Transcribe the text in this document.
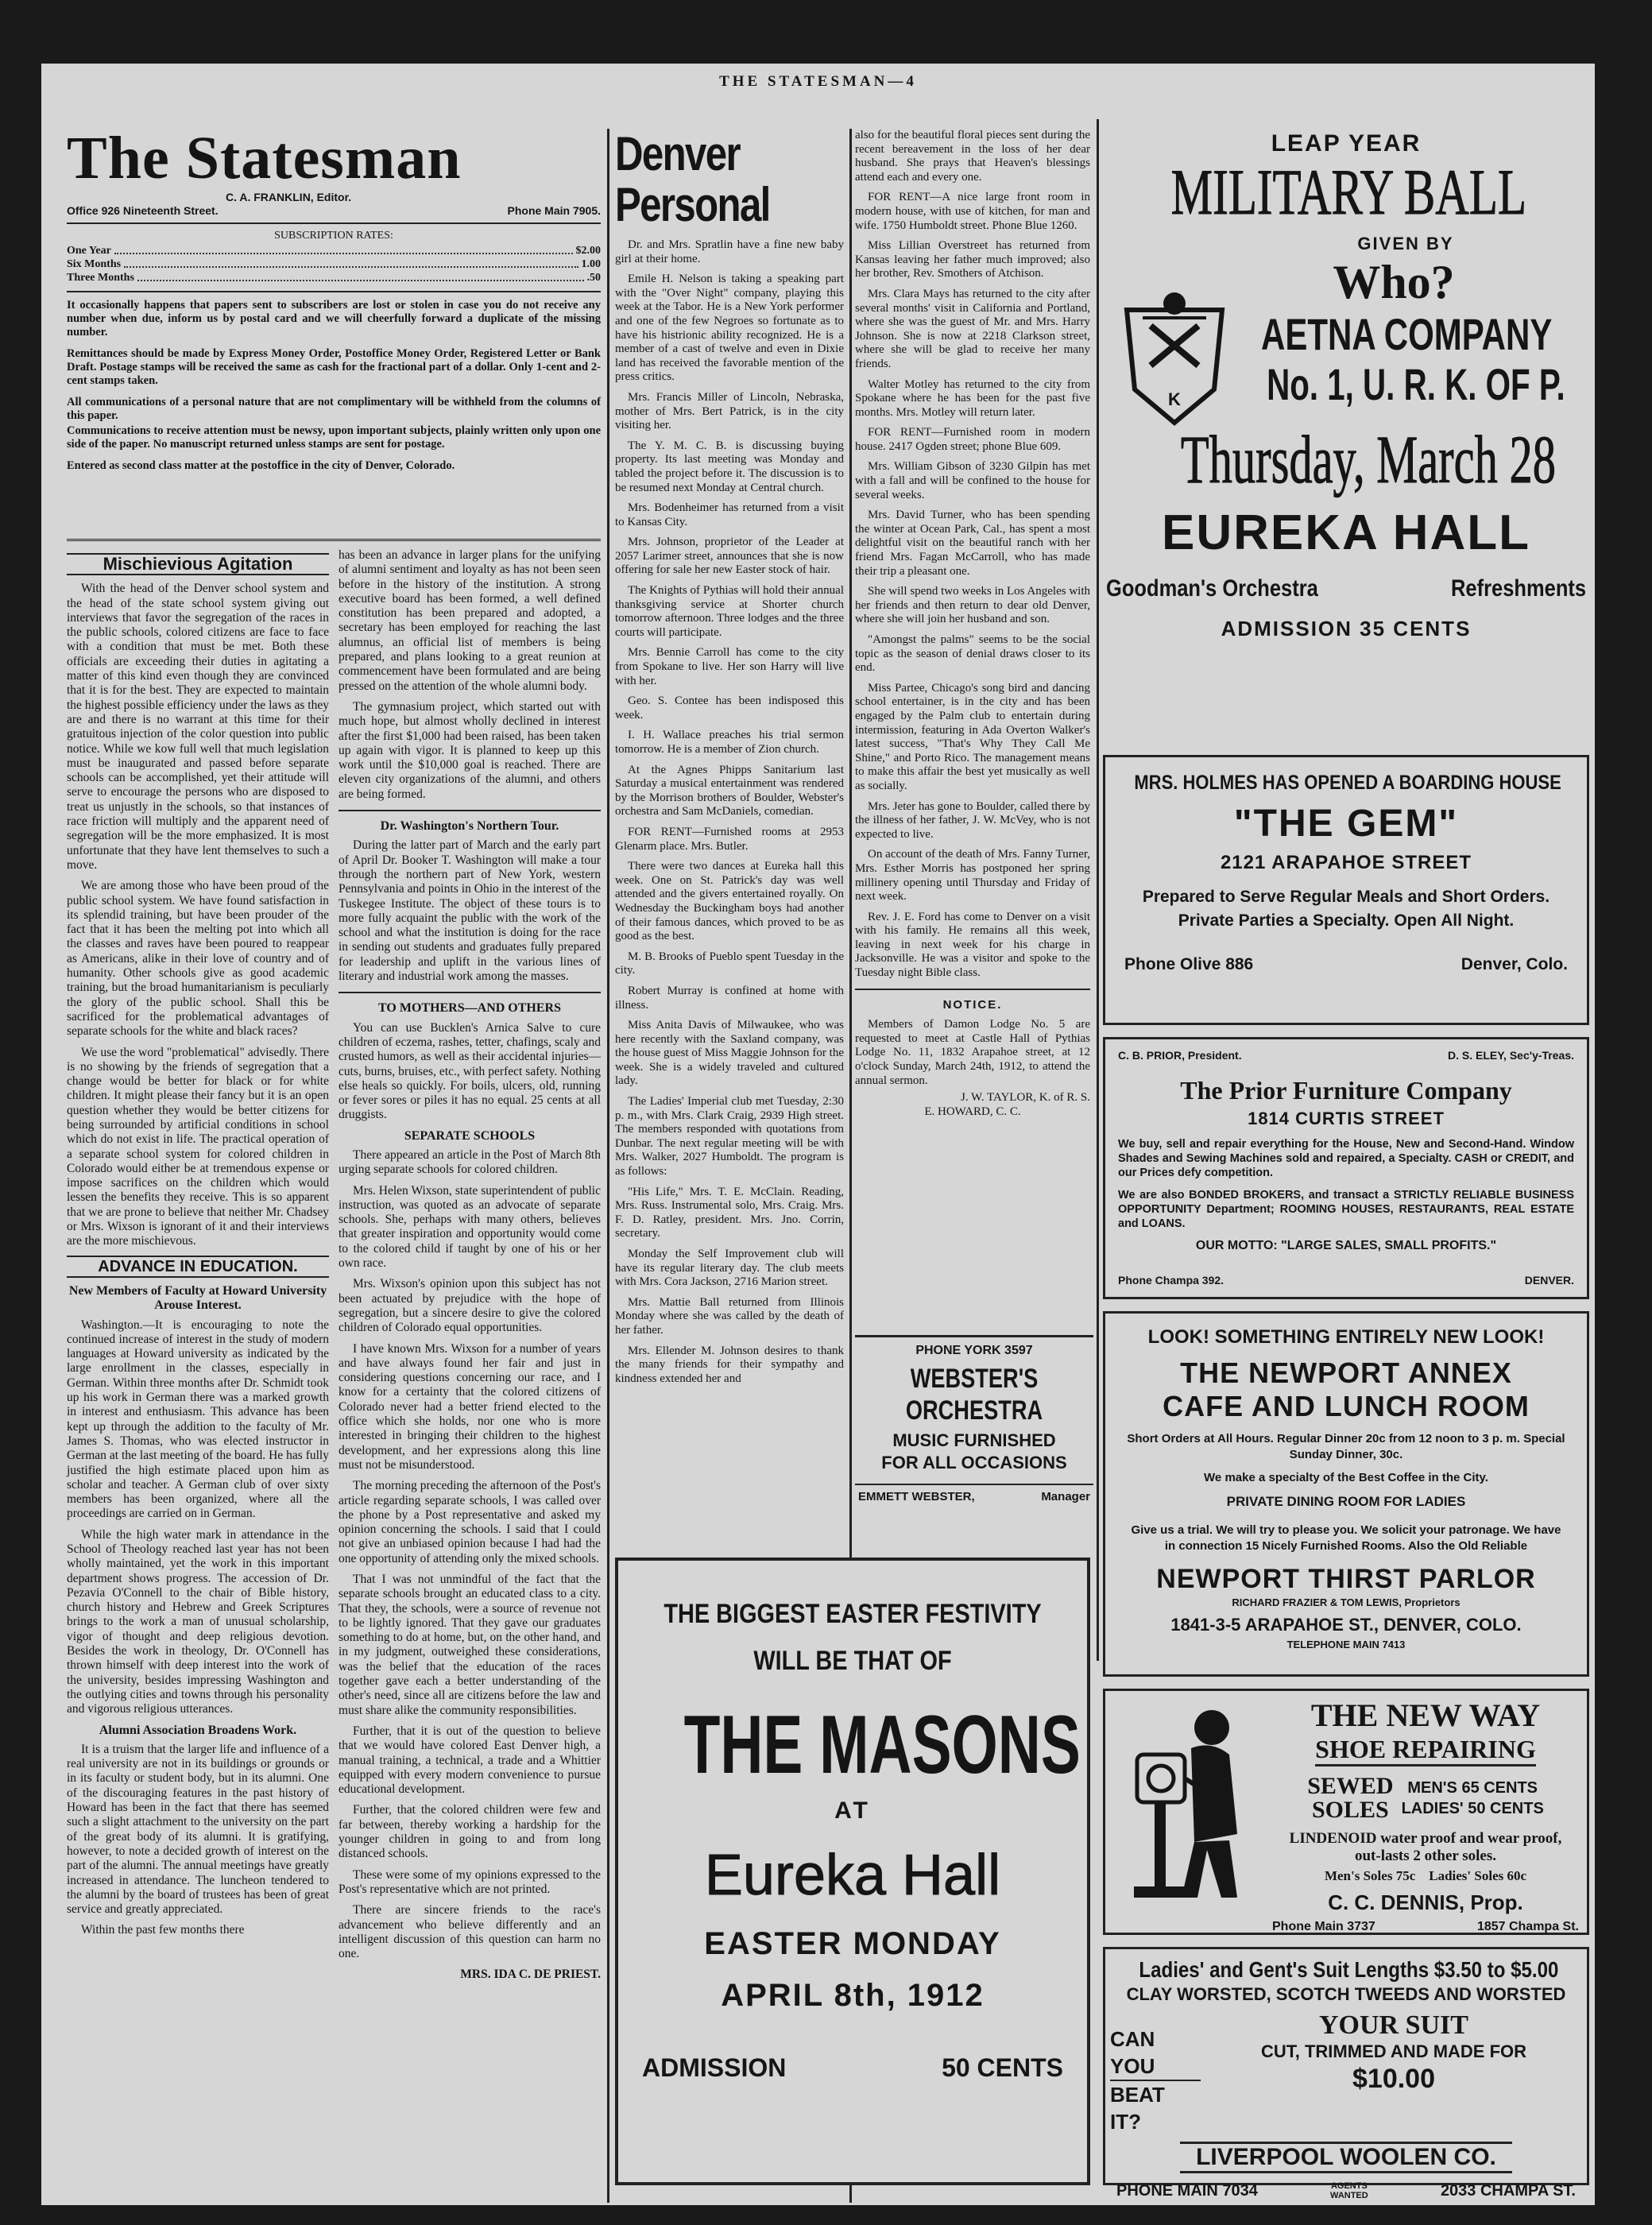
THE STATESMAN—4
The Statesman
C. A. FRANKLIN, Editor.
Office 926 Nineteenth Street.	Phone Main 7905.
SUBSCRIPTION RATES:
One Year	$2.00
Six Months	1.00
Three Months	.50

It occasionally happens that papers sent to subscribers are lost or stolen in case you do not receive any number when due, inform us by postal card and we will cheerfully forward a duplicate of the missing number.

Remittances should be made by Express Money Order, Postoffice Money Order, Registered Letter or Bank Draft. Postage stamps will be received the same as cash for the fractional part of a dollar. Only 1-cent and 2-cent stamps taken.

All communications of a personal nature that are not complimentary will be withheld from the columns of this paper.

Communications to receive attention must be newsy, upon important subjects, plainly written only upon one side of the paper. No manuscript returned unless stamps are sent for postage.

Entered as second class matter at the postoffice in the city of Denver, Colorado.

Mischievious Agitation

With the head of the Denver school system and the head of the state school system giving out interviews that favor the segregation of the races in the public schools, colored citizens are face to face with a condition that must be met. Both these officials are exceeding their duties in agitating a matter of this kind even though they are convinced that it is for the best. They are expected to maintain the highest possible efficiency under the laws as they are and there is no warrant at this time for their gratuitous injection of the color question into public notice. While we kow full well that much legislation must be inaugurated and passed before separate schools can be accomplished, yet their attitude will serve to encourage the persons who are disposed to treat us unjustly in the schools, so that instances of race friction will multiply and the apparent need of segregation will be the more emphasized. It is most unfortunate that they have lent themselves to such a move.

We are among those who have been proud of the public school system. We have found satisfaction in its splendid training, but have been prouder of the fact that it has been the melting pot into which all the classes and raves have been poured to reappear as Americans, alike in their love of country and of humanity. Other schools give as good academic training, but the broad humanitarianism is peculiarly the glory of the public school. Shall this be sacrificed for the problematical advantages of separate schools for the white and black races?

We use the word "problematical" advisedly. There is no showing by the friends of segregation that a change would be better for black or for white children. It might please their fancy but it is an open question whether they would be better citizens for being surrounded by artificial conditions in school which do not exist in life. The practical operation of a separate school system for colored children in Colorado would either be at tremendous expense or impose sacrifices on the children which would lessen the benefits they receive. This is so apparent that we are prone to believe that neither Mr. Chadsey or Mrs. Wixson is ignorant of it and their interviews are the more mischievous.

ADVANCE IN EDUCATION.
New Members of Faculty at Howard University Arouse Interest.

Washington.—It is encouraging to note the continued increase of interest in the study of modern languages at Howard university as indicated by the large enrollment in the classes, especially in German. Within three months after Dr. Schmidt took up his work in German there was a marked growth in interest and enthusiasm. This advance has been kept up through the addition to the faculty of Mr. James S. Thomas, who was elected instructor in German at the last meeting of the board. He has fully justified the high estimate placed upon him as scholar and teacher. A German club of over sixty members has been organized, where all the proceedings are carried on in German.

While the high water mark in attendance in the School of Theology reached last year has not been wholly maintained, yet the work in this important department shows progress. The accession of Dr. Pezavia O'Connell to the chair of Bible history, church history and Hebrew and Greek Scriptures brings to the work a man of unusual scholarship, vigor of thought and deep religious devotion. Besides the work in theology, Dr. O'Connell has thrown himself with deep interest into the work of the university, besides impressing Washington and the outlying cities and towns through his personality and vigorous religious utterances.

Alumni Association Broadens Work.

It is a truism that the larger life and influence of a real university are not in its buildings or grounds or in its faculty or student body, but in its alumni. One of the discouraging features in the past history of Howard has been in the fact that there has seemed such a slight attachment to the university on the part of the great body of its alumni. It is gratifying, however, to note a decided growth of interest on the part of the alumni. The annual meetings have greatly increased in attendance. The luncheon tendered to the alumni by the board of trustees has been of great service and greatly appreciated.

Within the past few months there

has been an advance in larger plans for the unifying of alumni sentiment and loyalty as has not been seen before in the history of the institution. A strong executive board has been formed, a well defined constitution has been prepared and adopted, a secretary has been employed for reaching the last alumnus, an official list of members is being prepared, and plans looking to a great reunion at commencement have been formulated and are being pressed on the attention of the whole alumni body.

The gymnasium project, which started out with much hope, but almost wholly declined in interest after the first $1,000 had been raised, has been taken up again with vigor. It is planned to keep up this work until the $10,000 goal is reached. There are eleven city organizations of the alumni, and others are being formed.

Dr. Washington's Northern Tour.

During the latter part of March and the early part of April Dr. Booker T. Washington will make a tour through the northern part of New York, western Pennsylvania and points in Ohio in the interest of the Tuskegee Institute. The object of these tours is to more fully acquaint the public with the work of the school and what the institution is doing for the race in sending out students and graduates fully prepared for leadership and uplift in the various lines of literary and industrial work among the masses.

TO MOTHERS—AND OTHERS

You can use Bucklen's Arnica Salve to cure children of eczema, rashes, tetter, chafings, scaly and crusted humors, as well as their accidental injuries—cuts, burns, bruises, etc., with perfect safety. Nothing else heals so quickly. For boils, ulcers, old, running or fever sores or piles it has no equal. 25 cents at all druggists.

SEPARATE SCHOOLS

There appeared an article in the Post of March 8th urging separate schools for colored children.

Mrs. Helen Wixson, state superintendent of public instruction, was quoted as an advocate of separate schools. She, perhaps with many others, believes that greater inspiration and opportunity would come to the colored child if taught by one of his or her own race.

Mrs. Wixson's opinion upon this subject has not been actuated by prejudice with the hope of segregation, but a sincere desire to give the colored children of Colorado equal opportunities.

I have known Mrs. Wixson for a number of years and have always found her fair and just in considering questions concerning our race, and I know for a certainty that the colored citizens of Colorado never had a better friend elected to the office which she holds, nor one who is more interested in bringing their children to the highest development, and her expressions along this line must not be misunderstood.

The morning preceding the afternoon of the Post's article regarding separate schools, I was called over the phone by a Post representative and asked my opinion concerning the schools. I said that I could not give an unbiased opinion because I had had the one opportunity of attending only the mixed schools.

That I was not unmindful of the fact that the separate schools brought an educated class to a city. That they, the schools, were a source of revenue not to be lightly ignored. That they gave our graduates something to do at home, but, on the other hand, and in my judgment, outweighed these considerations, was the belief that the education of the races together gave each a better understanding of the other's need, since all are citizens before the law and must share alike the community responsibilities.

Further, that it is out of the question to believe that we would have colored East Denver high, a manual training, a technical, a trade and a Whittier equipped with every modern convenience to pursue educational development.

Further, that the colored children were few and far between, thereby working a hardship for the younger children in going to and from long distanced schools.

These were some of my opinions expressed to the Post's representative which are not printed.

There are sincere friends to the race's advancement who believe differently and an intelligent discussion of this question can harm no one.

MRS. IDA C. DE PRIEST.
Denver Personal

Dr. and Mrs. Spratlin have a fine new baby girl at their home.

Emile H. Nelson is taking a speaking part with the "Over Night" company, playing this week at the Tabor. He is a New York performer and one of the few Negroes so fortunate as to have his histrionic ability recognized. He is a member of a cast of twelve and even in Dixie land has received the favorable mention of the press critics.

Mrs. Francis Miller of Lincoln, Nebraska, mother of Mrs. Bert Patrick, is in the city visiting her.

The Y. M. C. B. is discussing buying property. Its last meeting was Monday and tabled the project before it. The discussion is to be resumed next Monday at Central church.

Mrs. Bodenheimer has returned from a visit to Kansas City.

Mrs. Johnson, proprietor of the Leader at 2057 Larimer street, announces that she is now offering for sale her new Easter stock of hair.

The Knights of Pythias will hold their annual thanksgiving service at Shorter church tomorrow afternoon. Three lodges and the three courts will participate.

Mrs. Bennie Carroll has come to the city from Spokane to live. Her son Harry will live with her.

Geo. S. Contee has been indisposed this week.

I. H. Wallace preaches his trial sermon tomorrow. He is a member of Zion church.

At the Agnes Phipps Sanitarium last Saturday a musical entertainment was rendered by the Morrison brothers of Boulder, Webster's orchestra and Sam McDaniels, comedian.

FOR RENT—Furnished rooms at 2953 Glenarm place. Mrs. Butler.

There were two dances at Eureka hall this week. One on St. Patrick's day was well attended and the givers entertained royally. On Wednesday the Buckingham boys had another of their famous dances, which proved to be as good as the best.

M. B. Brooks of Pueblo spent Tuesday in the city.

Robert Murray is confined at home with illness.

Miss Anita Davis of Milwaukee, who was here recently with the Saxland company, was the house guest of Miss Maggie Johnson for the week. She is a widely traveled and cultured lady.

The Ladies' Imperial club met Tuesday, 2:30 p. m., with Mrs. Clark Craig, 2939 High street. The members responded with quotations from Dunbar. The next regular meeting will be with Mrs. Walker, 2027 Humboldt. The program is as follows:

"His Life," Mrs. T. E. McClain. Reading, Mrs. Russ. Instrumental solo, Mrs. Craig. Mrs. F. D. Ratley, president. Mrs. Jno. Corrin, secretary.

Monday the Self Improvement club will have its regular literary day. The club meets with Mrs. Cora Jackson, 2716 Marion street.

Mrs. Mattie Ball returned from Illinois Monday where she was called by the death of her father.

Mrs. Ellender M. Johnson desires to thank the many friends for their sympathy and kindness extended her and

also for the beautiful floral pieces sent during the recent bereavement in the loss of her dear husband. She prays that Heaven's blessings attend each and every one.

FOR RENT—A nice large front room in modern house, with use of kitchen, for man and wife. 1750 Humboldt street. Phone Blue 1260.

Miss Lillian Overstreet has returned from Kansas leaving her father much improved; also her brother, Rev. Smothers of Atchison.

Mrs. Clara Mays has returned to the city after several months' visit in California and Portland, where she was the guest of Mr. and Mrs. Harry Johnson. She is now at 2218 Clarkson street, where she will be glad to receive her many friends.

Walter Motley has returned to the city from Spokane where he has been for the past five months. Mrs. Motley will return later.

FOR RENT—Furnished room in modern house. 2417 Ogden street; phone Blue 609.

Mrs. William Gibson of 3230 Gilpin has met with a fall and will be confined to the house for several weeks.

Mrs. David Turner, who has been spending the winter at Ocean Park, Cal., has spent a most delightful visit on the beautiful ranch with her friend Mrs. Fagan McCarroll, who has made their trip a pleasant one.

She will spend two weeks in Los Angeles with her friends and then return to dear old Denver, where she will join her husband and son.

"Amongst the palms" seems to be the social topic as the season of denial draws closer to its end.

Miss Partee, Chicago's song bird and dancing school entertainer, is in the city and has been engaged by the Palm club to entertain during intermission, featuring in Ada Overton Walker's latest success, "That's Why They Call Me Shine," and Porto Rico. The management means to make this affair the best yet musically as well as socially.

Mrs. Jeter has gone to Boulder, called there by the illness of her father, J. W. McVey, who is not expected to live.

On account of the death of Mrs. Fanny Turner, Mrs. Esther Morris has postponed her spring millinery opening until Thursday and Friday of next week.

Rev. J. E. Ford has come to Denver on a visit with his family. He remains all this week, leaving in next week for his charge in Jacksonville. He was a visitor and spoke to the Tuesday night Bible class.

NOTICE.

Members of Damon Lodge No. 5 are requested to meet at Castle Hall of Pythias Lodge No. 11, 1832 Arapahoe street, at 12 o'clock Sunday, March 24th, 1912, to attend the annual sermon.

J. W. TAYLOR, K. of R. S.
E. HOWARD, C. C.
PHONE YORK 3597
WEBSTER'S
ORCHESTRA
MUSIC FURNISHED
FOR ALL OCCASIONS
EMMETT WEBSTER,	Manager
THE BIGGEST EASTER FESTIVITY
WILL BE THAT OF
THE MASONS
AT
Eureka Hall
EASTER MONDAY
APRIL 8th, 1912
ADMISSION	50 CENTS
LEAP YEAR
MILITARY BALL
GIVEN BY
K
Who?
AETNA COMPANY
No. 1, U. R. K. OF P.
Thursday, March 28
EUREKA HALL
Goodman's Orchestra	Refreshments
ADMISSION 35 CENTS
MRS. HOLMES HAS OPENED A BOARDING HOUSE
"THE GEM"
2121 ARAPAHOE STREET
Prepared to Serve Regular Meals and Short Orders. Private Parties a Specialty. Open All Night.
Phone Olive 886	Denver, Colo.
C. B. PRIOR, President.	D. S. ELEY, Sec'y-Treas.
The Prior Furniture Company
1814 CURTIS STREET
We buy, sell and repair everything for the House, New and Second-Hand. Window Shades and Sewing Machines sold and repaired, a Specialty. CASH or CREDIT, and our Prices defy competition.
We are also BONDED BROKERS, and transact a STRICTLY RELIABLE BUSINESS OPPORTUNITY Department; ROOMING HOUSES, RESTAURANTS, REAL ESTATE and LOANS.
OUR MOTTO: "LARGE SALES, SMALL PROFITS."
Phone Champa 392.	DENVER.
LOOK! SOMETHING ENTIRELY NEW LOOK!
THE NEWPORT ANNEX
CAFE AND LUNCH ROOM
Short Orders at All Hours. Regular Dinner 20c from 12 noon to 3 p. m. Special Sunday Dinner, 30c.
We make a specialty of the Best Coffee in the City.
PRIVATE DINING ROOM FOR LADIES
Give us a trial. We will try to please you. We solicit your patronage. We have in connection 15 Nicely Furnished Rooms. Also the Old Reliable
NEWPORT THIRST PARLOR
RICHARD FRAZIER & TOM LEWIS, Proprietors
1841-3-5 ARAPAHOE ST., DENVER, COLO.
TELEPHONE MAIN 7413
THE NEW WAY
SHOE REPAIRING
SEWED
SOLES
MEN'S 65 CENTS
LADIES' 50 CENTS
LINDENOID water proof and wear proof, out-lasts 2 other soles.
Men's Soles 75c    Ladies' Soles 60c
C. C. DENNIS, Prop.
Phone Main 3737	1857 Champa St.
Ladies' and Gent's Suit Lengths $3.50 to $5.00
CLAY WORSTED, SCOTCH TWEEDS AND WORSTED
CAN YOU
BEAT IT?
YOUR SUIT
CUT, TRIMMED AND MADE FOR
$10.00
LIVERPOOL WOOLEN CO.
PHONE MAIN 7034	AGENTS WANTED	2033 CHAMPA ST.
